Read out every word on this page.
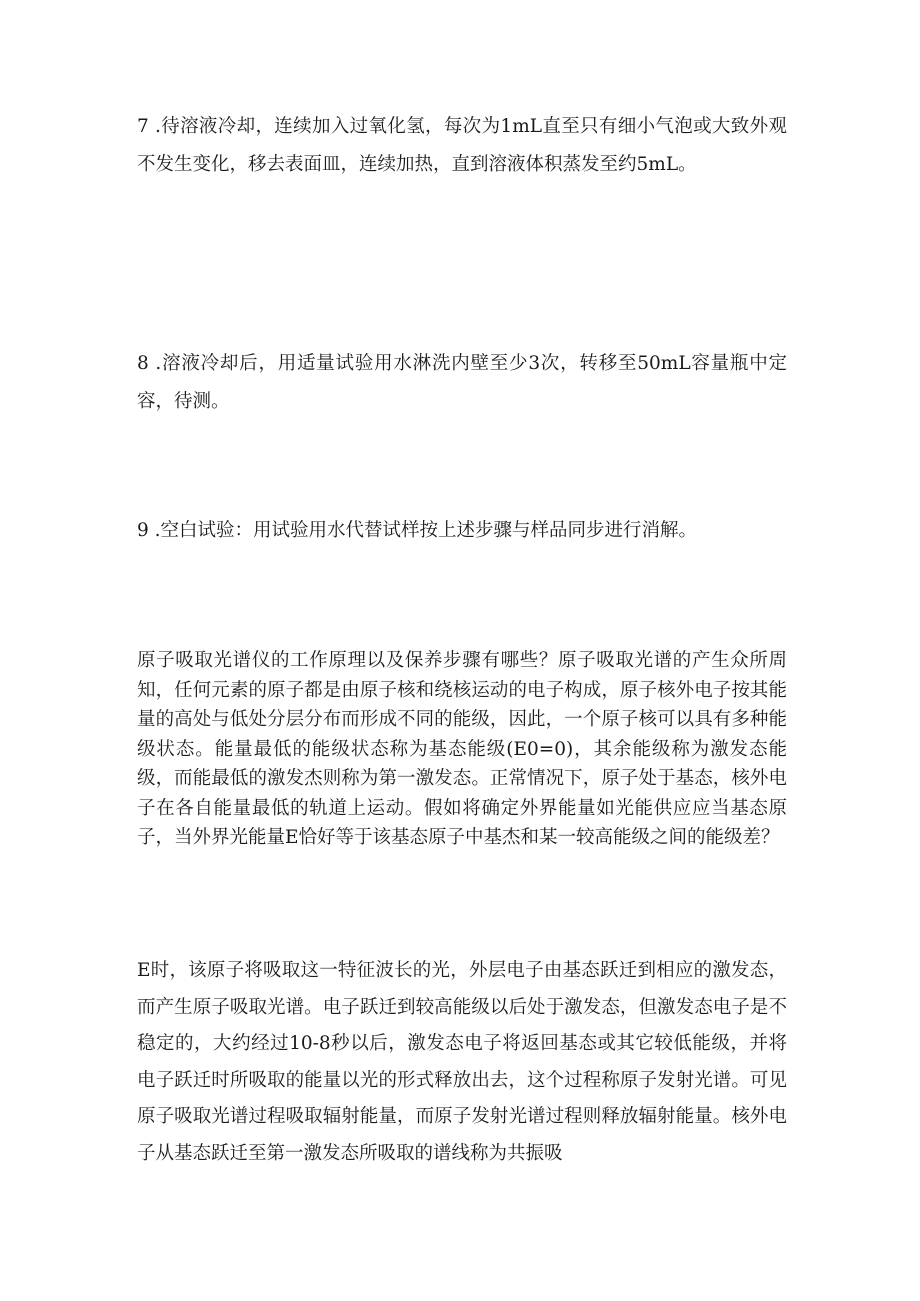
7 .待溶液冷却，连续加入过氧化氢，每次为1mL直至只有细小气泡或大致外观不发生变化，移去表面皿，连续加热，直到溶液体积蒸发至约5mL。

8 .溶液冷却后，用适量试验用水淋洗内壁至少3次，转移至50mL容量瓶中定容，待测。

9 .空白试验：用试验用水代替试样按上述步骤与样品同步进行消解。

原子吸取光谱仪的工作原理以及保养步骤有哪些？原子吸取光谱的产生众所周知，任何元素的原子都是由原子核和绕核运动的电子构成，原子核外电子按其能量的高处与低处分层分布而形成不同的能级，因此，一个原子核可以具有多种能级状态。能量最低的能级状态称为基态能级(E0=0)，其余能级称为激发态能级，而能最低的激发杰则称为第一激发态。正常情况下，原子处于基态，核外电子在各自能量最低的轨道上运动。假如将确定外界能量如光能供应应当基态原子，当外界光能量E恰好等于该基态原子中基杰和某一较高能级之间的能级差？

E时，该原子将吸取这一特征波长的光，外层电子由基态跃迁到相应的激发态，而产生原子吸取光谱。电子跃迁到较高能级以后处于激发态，但激发态电子是不稳定的，大约经过10-8秒以后，激发态电子将返回基态或其它较低能级，并将电子跃迁时所吸取的能量以光的形式释放出去，这个过程称原子发射光谱。可见原子吸取光谱过程吸取辐射能量，而原子发射光谱过程则释放辐射能量。核外电子从基态跃迁至第一激发态所吸取的谱线称为共振吸
